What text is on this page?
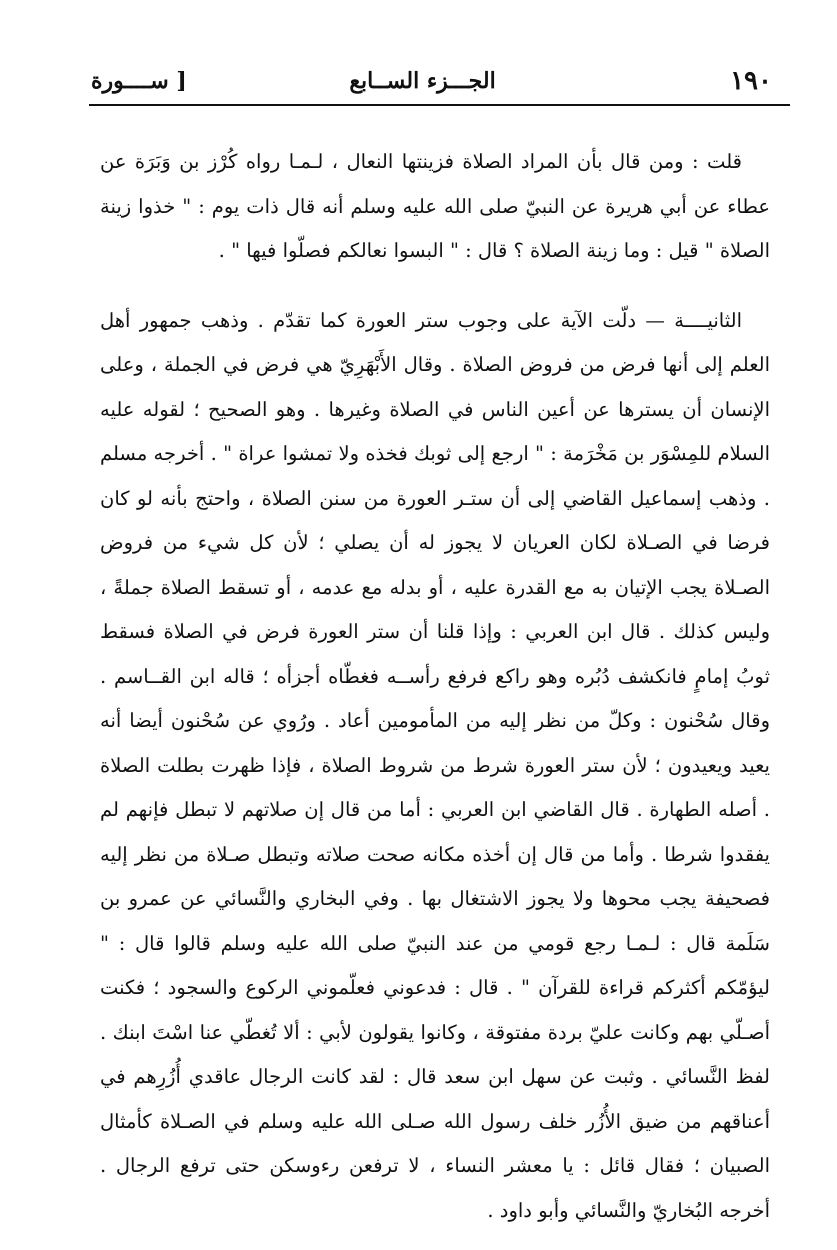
١٩٠
الجـــزء الســابع
[ ســــورة

قلت : ومن قال بأن المراد الصلاة فزينتها النعال ، لـمـا رواه كُرْز بن وَبَرَة عن عطاء عن أبي هريرة عن النبيّ صلى الله عليه وسلم أنه قال ذات يوم : " خذوا زينة الصلاة " قيل : وما زينة الصلاة ؟ قال : " البسوا نعالكم فصلّوا فيها " .

الثانيــــة — دلّت الآية على وجوب ستر العورة كما تقدّم . وذهب جمهور أهل العلم إلى أنها فرض من فروض الصلاة . وقال الأَبْهَرِيّ هي فرض في الجملة ، وعلى الإنسان أن يسترها عن أعين الناس في الصلاة وغيرها . وهو الصحيح ؛ لقوله عليه السلام للمِسْوَر بن مَخْرَمة : " ارجع إلى ثوبك فخذه ولا تمشوا عراة " . أخرجه مسلم . وذهب إسماعيل القاضي إلى أن ستـر العورة من سنن الصلاة ، واحتج بأنه لو كان فرضا في الصـلاة لكان العريان لا يجوز له أن يصلي ؛ لأن كل شيء من فروض الصـلاة يجب الإتيان به مع القدرة عليه ، أو بدله مع عدمه ، أو تسقط الصلاة جملةً ، وليس كذلك . قال ابن العربي : وإذا قلنا أن ستر العورة فرض في الصلاة فسقط ثوبُ إمامٍ فانكشف دُبُره وهو راكع فرفع رأســه فغطّاه أجزأه ؛ قاله ابن القــاسم . وقال سُحْنون : وكلّ من نظر إليه من المأمومين أعاد . ورُوي عن سُحْنون أيضا أنه يعيد ويعيدون ؛ لأن ستر العورة شرط من شروط الصلاة ، فإذا ظهرت بطلت الصلاة . أصله الطهارة . قال القاضي ابن العربي : أما من قال إن صلاتهم لا تبطل فإنهم لم يفقدوا شرطا . وأما من قال إن أخذه مكانه صحت صلاته وتبطل صـلاة من نظر إليه فصحيفة يجب محوها ولا يجوز الاشتغال بها . وفي البخاري والنَّسائي عن عمرو بن سَلَمة قال : لـمـا رجع قومي من عند النبيّ صلى الله عليه وسلم قالوا قال : " ليؤمّكم أكثركم قراءة للقرآن " . قال : فدعوني فعلّموني الركوع والسجود ؛ فكنت أصـلّي بهم وكانت عليّ بردة مفتوقة ، وكانوا يقولون لأبي : ألا تُغطّي عنا اسْتَ ابنك . لفظ النَّسائي . وثبت عن سهل ابن سعد قال : لقد كانت الرجال عاقدي أُزُرِهم في أعناقهم من ضيق الأُزُر خلف رسول الله صـلى الله عليه وسلم في الصـلاة كأمثال الصبيان ؛ فقال قائل : يا معشر النساء ، لا ترفعن رءوسكن حتى ترفع الرجال . أخرجه البُخاريّ والنَّسائي وأبو داود .
